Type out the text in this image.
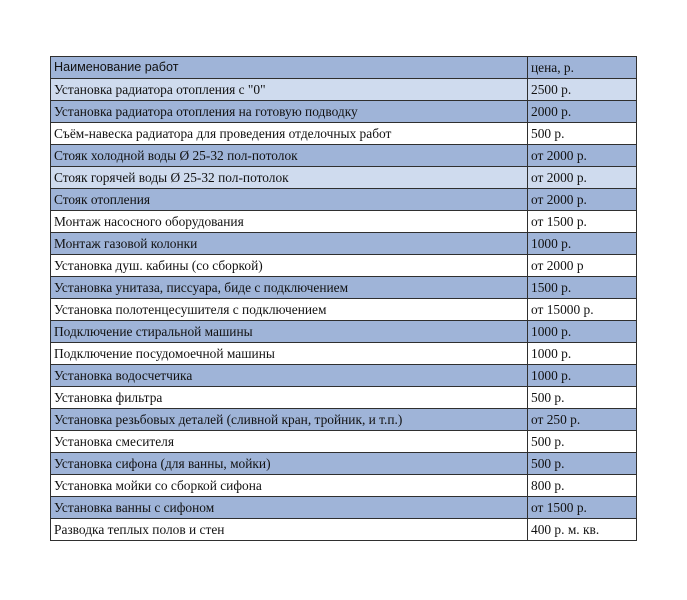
Наименование работ	цена, р.
Установка радиатора отопления с "0"	2500 р.
Установка радиатора отопления на готовую подводку	2000 р.
Съём-навеска радиатора для проведения отделочных работ	500 р.
Стояк холодной воды Ø 25-32 пол-потолок	от 2000 р.
Стояк горячей воды Ø 25-32 пол-потолок	от 2000 р.
Стояк отопления	от 2000 р.
Монтаж насосного оборудования	от 1500 р.
Монтаж газовой колонки	1000 р.
Установка душ. кабины (со сборкой)	от 2000 р
Установка унитаза, писсуара, биде с подключением	1500 р.
Установка полотенцесушителя с подключением	от 15000 р.
Подключение стиральной машины	1000 р.
Подключение посудомоечной машины	1000 р.
Установка водосчетчика	1000 р.
Установка фильтра	500 р.
Установка резьбовых деталей (сливной кран, тройник, и т.п.)	от 250 р.
Установка смесителя	500 р.
Установка сифона (для ванны, мойки)	500 р.
Установка мойки со сборкой сифона	800 р.
Установка ванны с сифоном	от 1500 р.
Разводка теплых полов и стен	400 р. м. кв.
